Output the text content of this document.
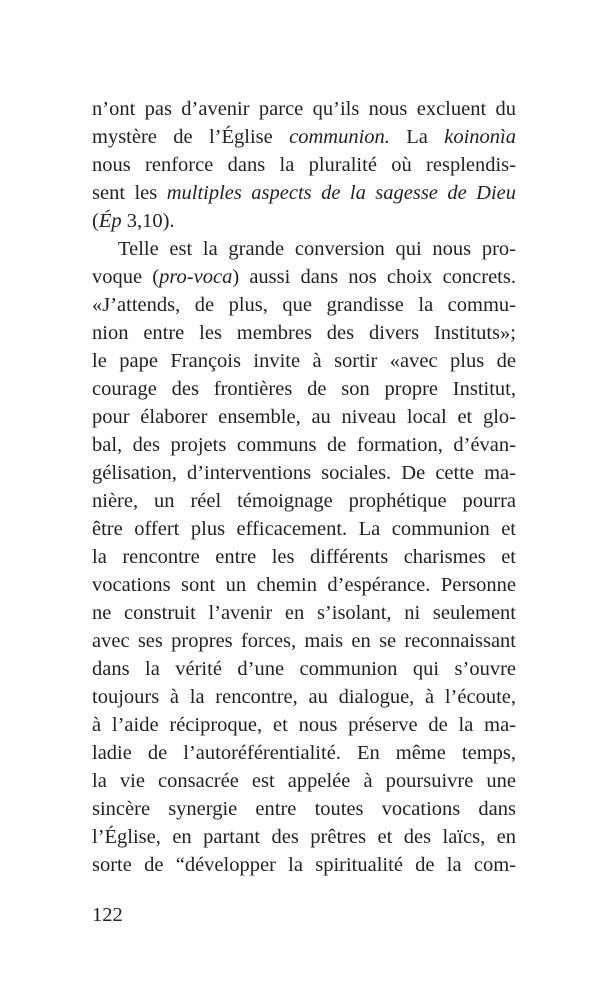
n’ont pas d’avenir parce qu’ils nous excluent du
mystère de l’Église communion. La koinonìa
nous renforce dans la pluralité où resplendis-
sent les multiples aspects de la sagesse de Dieu
(Ép 3,10).
Telle est la grande conversion qui nous pro-
voque (pro-voca) aussi dans nos choix concrets.
«J’attends, de plus, que grandisse la commu-
nion entre les membres des divers Instituts»;
le pape François invite à sortir «avec plus de
courage des frontières de son propre Institut,
pour élaborer ensemble, au niveau local et glo-
bal, des projets communs de formation, d’évan-
gélisation, d’interventions sociales. De cette ma-
nière, un réel témoignage prophétique pourra
être offert plus efficacement. La communion et
la rencontre entre les différents charismes et
vocations sont un chemin d’espérance. Personne
ne construit l’avenir en s’isolant, ni seulement
avec ses propres forces, mais en se reconnaissant
dans la vérité d’une communion qui s’ouvre
toujours à la rencontre, au dialogue, à l’écoute,
à l’aide réciproque, et nous préserve de la ma-
ladie de l’autoréférentialité. En même temps,
la vie consacrée est appelée à poursuivre une
sincère synergie entre toutes vocations dans
l’Église, en partant des prêtres et des laïcs, en
sorte de “développer la spiritualité de la com-
122
